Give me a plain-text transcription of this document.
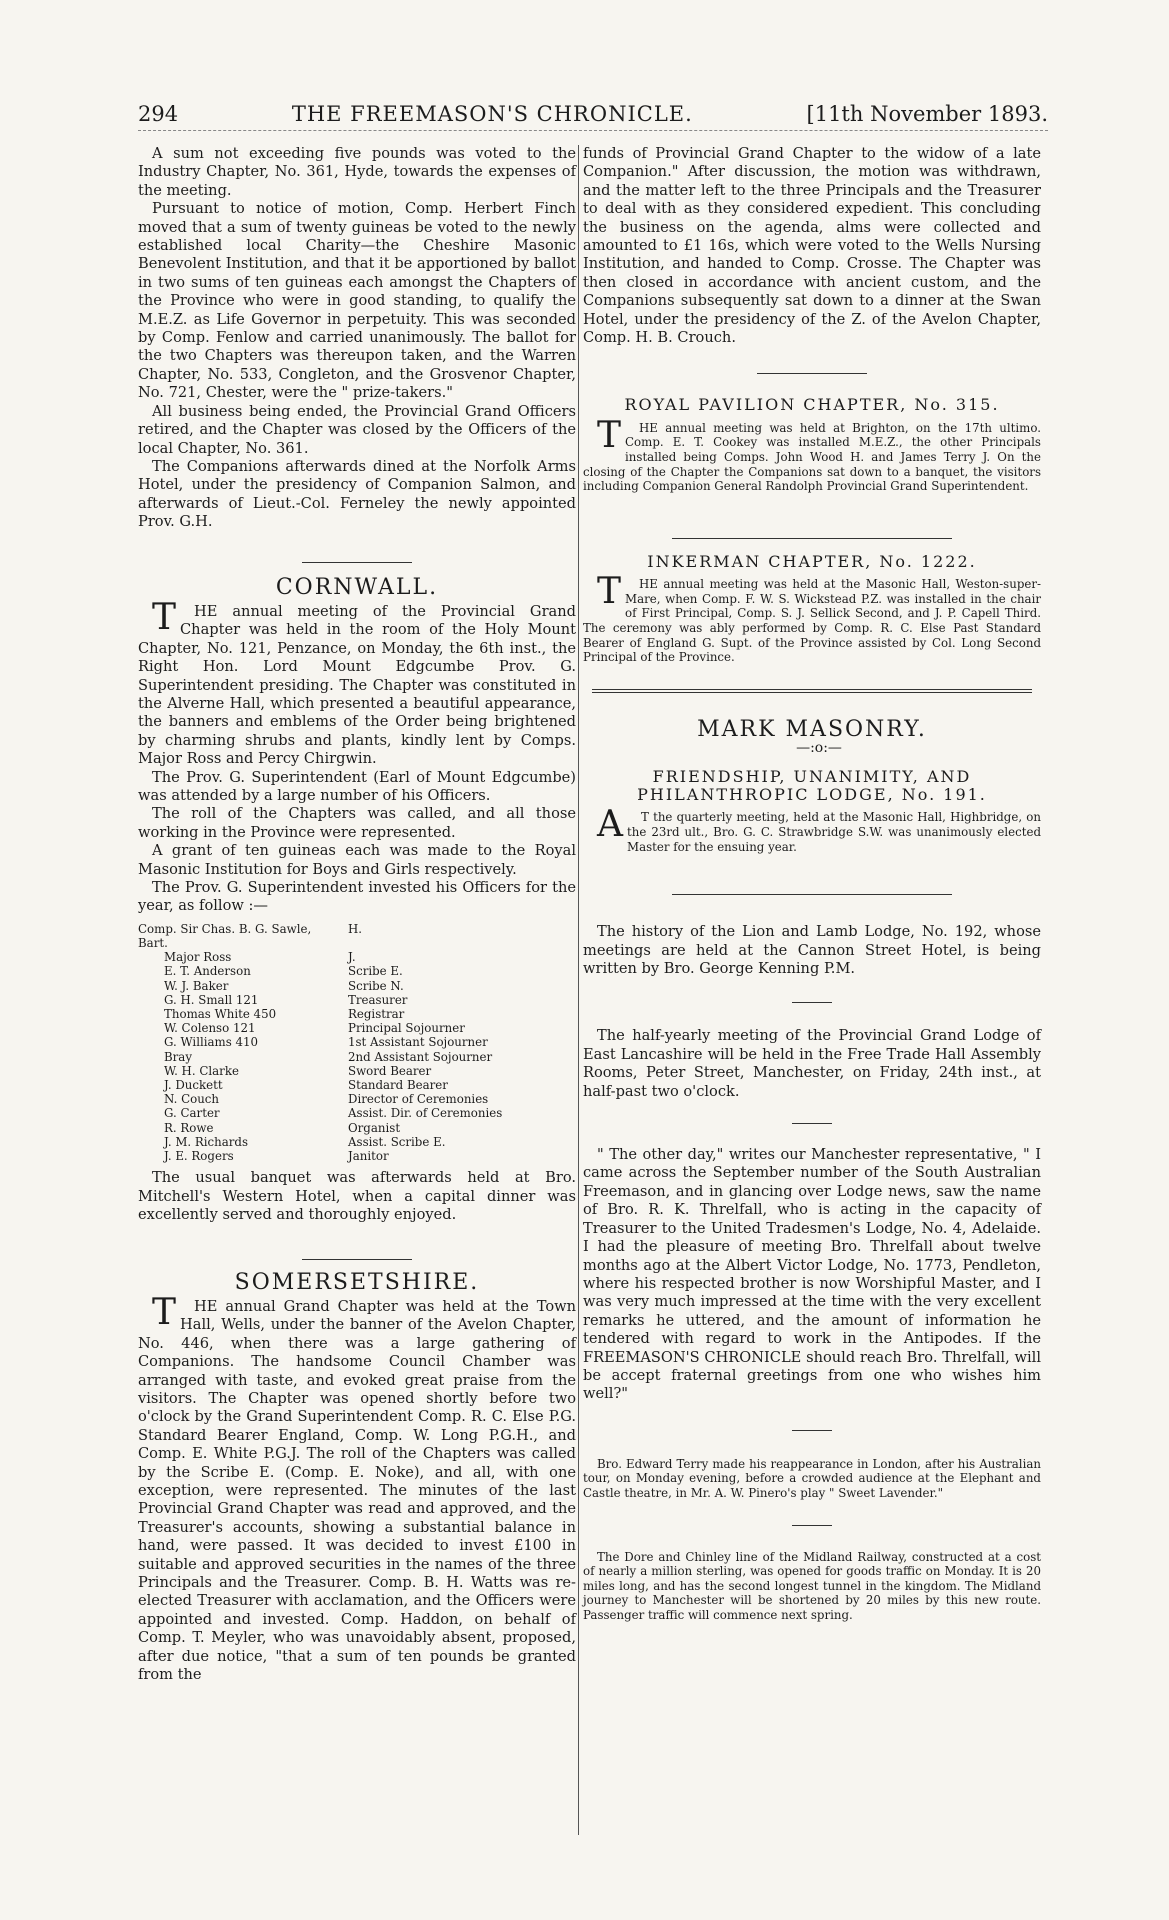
294	THE FREEMASON'S CHRONICLE.	[11th November 1893.

A sum not exceeding five pounds was voted to the Industry Chapter, No. 361, Hyde, towards the expenses of the meeting.

Pursuant to notice of motion, Comp. Herbert Finch moved that a sum of twenty guineas be voted to the newly established local Charity—the Cheshire Masonic Benevolent Institution, and that it be apportioned by ballot in two sums of ten guineas each amongst the Chapters of the Province who were in good standing, to qualify the M.E.Z. as Life Governor in perpetuity. This was seconded by Comp. Fenlow and carried unanimously. The ballot for the two Chapters was thereupon taken, and the Warren Chapter, No. 533, Congleton, and the Grosvenor Chapter, No. 721, Chester, were the " prize-takers."

All business being ended, the Provincial Grand Officers retired, and the Chapter was closed by the Officers of the local Chapter, No. 361.

The Companions afterwards dined at the Norfolk Arms Hotel, under the presidency of Companion Salmon, and afterwards of Lieut.-Col. Ferneley the newly appointed Prov. G.H.

CORNWALL.

THE annual meeting of the Provincial Grand Chapter was held in the room of the Holy Mount Chapter, No. 121, Penzance, on Monday, the 6th inst., the Right Hon. Lord Mount Edgcumbe Prov. G. Superintendent presiding. The Chapter was constituted in the Alverne Hall, which presented a beautiful appearance, the banners and emblems of the Order being brightened by charming shrubs and plants, kindly lent by Comps. Major Ross and Percy Chirgwin.

The Prov. G. Superintendent (Earl of Mount Edgcumbe) was attended by a large number of his Officers.

The roll of the Chapters was called, and all those working in the Province were represented.

A grant of ten guineas each was made to the Royal Masonic Institution for Boys and Girls respectively.

The Prov. G. Superintendent invested his Officers for the year, as follow :—

Comp. Sir Chas. B. G. Sawle, Bart.		H.
Major Ross		J.
E. T. Anderson		Scribe E.
W. J. Baker		Scribe N.
G. H. Small 121		Treasurer
Thomas White 450		Registrar
W. Colenso 121		Principal Sojourner
G. Williams 410		1st Assistant Sojourner
Bray		2nd Assistant Sojourner
W. H. Clarke		Sword Bearer
J. Duckett		Standard Bearer
N. Couch		Director of Ceremonies
G. Carter		Assist. Dir. of Ceremonies
R. Rowe		Organist
J. M. Richards		Assist. Scribe E.
J. E. Rogers		Janitor

The usual banquet was afterwards held at Bro. Mitchell's Western Hotel, when a capital dinner was excellently served and thoroughly enjoyed.

SOMERSETSHIRE.

THE annual Grand Chapter was held at the Town Hall, Wells, under the banner of the Avelon Chapter, No. 446, when there was a large gathering of Companions. The handsome Council Chamber was arranged with taste, and evoked great praise from the visitors. The Chapter was opened shortly before two o'clock by the Grand Superintendent Comp. R. C. Else P.G. Standard Bearer England, Comp. W. Long P.G.H., and Comp. E. White P.G.J. The roll of the Chapters was called by the Scribe E. (Comp. E. Noke), and all, with one exception, were represented. The minutes of the last Provincial Grand Chapter was read and approved, and the Treasurer's accounts, showing a substantial balance in hand, were passed. It was decided to invest £100 in suitable and approved securities in the names of the three Principals and the Treasurer. Comp. B. H. Watts was re-elected Treasurer with acclamation, and the Officers were appointed and invested. Comp. Haddon, on behalf of Comp. T. Meyler, who was unavoidably absent, proposed, after due notice, "that a sum of ten pounds be granted from the

funds of Provincial Grand Chapter to the widow of a late Companion." After discussion, the motion was withdrawn, and the matter left to the three Principals and the Treasurer to deal with as they considered expedient. This concluding the business on the agenda, alms were collected and amounted to £1 16s, which were voted to the Wells Nursing Institution, and handed to Comp. Crosse. The Chapter was then closed in accordance with ancient custom, and the Companions subsequently sat down to a dinner at the Swan Hotel, under the presidency of the Z. of the Avelon Chapter, Comp. H. B. Crouch.

ROYAL PAVILION CHAPTER, No. 315.

THE annual meeting was held at Brighton, on the 17th ultimo. Comp. E. T. Cookey was installed M.E.Z., the other Principals installed being Comps. John Wood H. and James Terry J. On the closing of the Chapter the Companions sat down to a banquet, the visitors including Companion General Randolph Provincial Grand Superintendent.

INKERMAN CHAPTER, No. 1222.

THE annual meeting was held at the Masonic Hall, Weston-super-Mare, when Comp. F. W. S. Wickstead P.Z. was installed in the chair of First Principal, Comp. S. J. Sellick Second, and J. P. Capell Third. The ceremony was ably performed by Comp. R. C. Else Past Standard Bearer of England G. Supt. of the Province assisted by Col. Long Second Principal of the Province.

MARK MASONRY.

—:o:—

FRIENDSHIP, UNANIMITY, AND PHILANTHROPIC LODGE, No. 191.

AT the quarterly meeting, held at the Masonic Hall, Highbridge, on the 23rd ult., Bro. G. C. Strawbridge S.W. was unanimously elected Master for the ensuing year.

The history of the Lion and Lamb Lodge, No. 192, whose meetings are held at the Cannon Street Hotel, is being written by Bro. George Kenning P.M.

The half-yearly meeting of the Provincial Grand Lodge of East Lancashire will be held in the Free Trade Hall Assembly Rooms, Peter Street, Manchester, on Friday, 24th inst., at half-past two o'clock.

" The other day," writes our Manchester representative, " I came across the September number of the South Australian Freemason, and in glancing over Lodge news, saw the name of Bro. R. K. Threlfall, who is acting in the capacity of Treasurer to the United Tradesmen's Lodge, No. 4, Adelaide. I had the pleasure of meeting Bro. Threlfall about twelve months ago at the Albert Victor Lodge, No. 1773, Pendleton, where his respected brother is now Worshipful Master, and I was very much impressed at the time with the very excellent remarks he uttered, and the amount of information he tendered with regard to work in the Antipodes. If the FREEMASON'S CHRONICLE should reach Bro. Threlfall, will be accept fraternal greetings from one who wishes him well?"

Bro. Edward Terry made his reappearance in London, after his Australian tour, on Monday evening, before a crowded audience at the Elephant and Castle theatre, in Mr. A. W. Pinero's play " Sweet Lavender."

The Dore and Chinley line of the Midland Railway, constructed at a cost of nearly a million sterling, was opened for goods traffic on Monday. It is 20 miles long, and has the second longest tunnel in the kingdom. The Midland journey to Manchester will be shortened by 20 miles by this new route. Passenger traffic will commence next spring.
